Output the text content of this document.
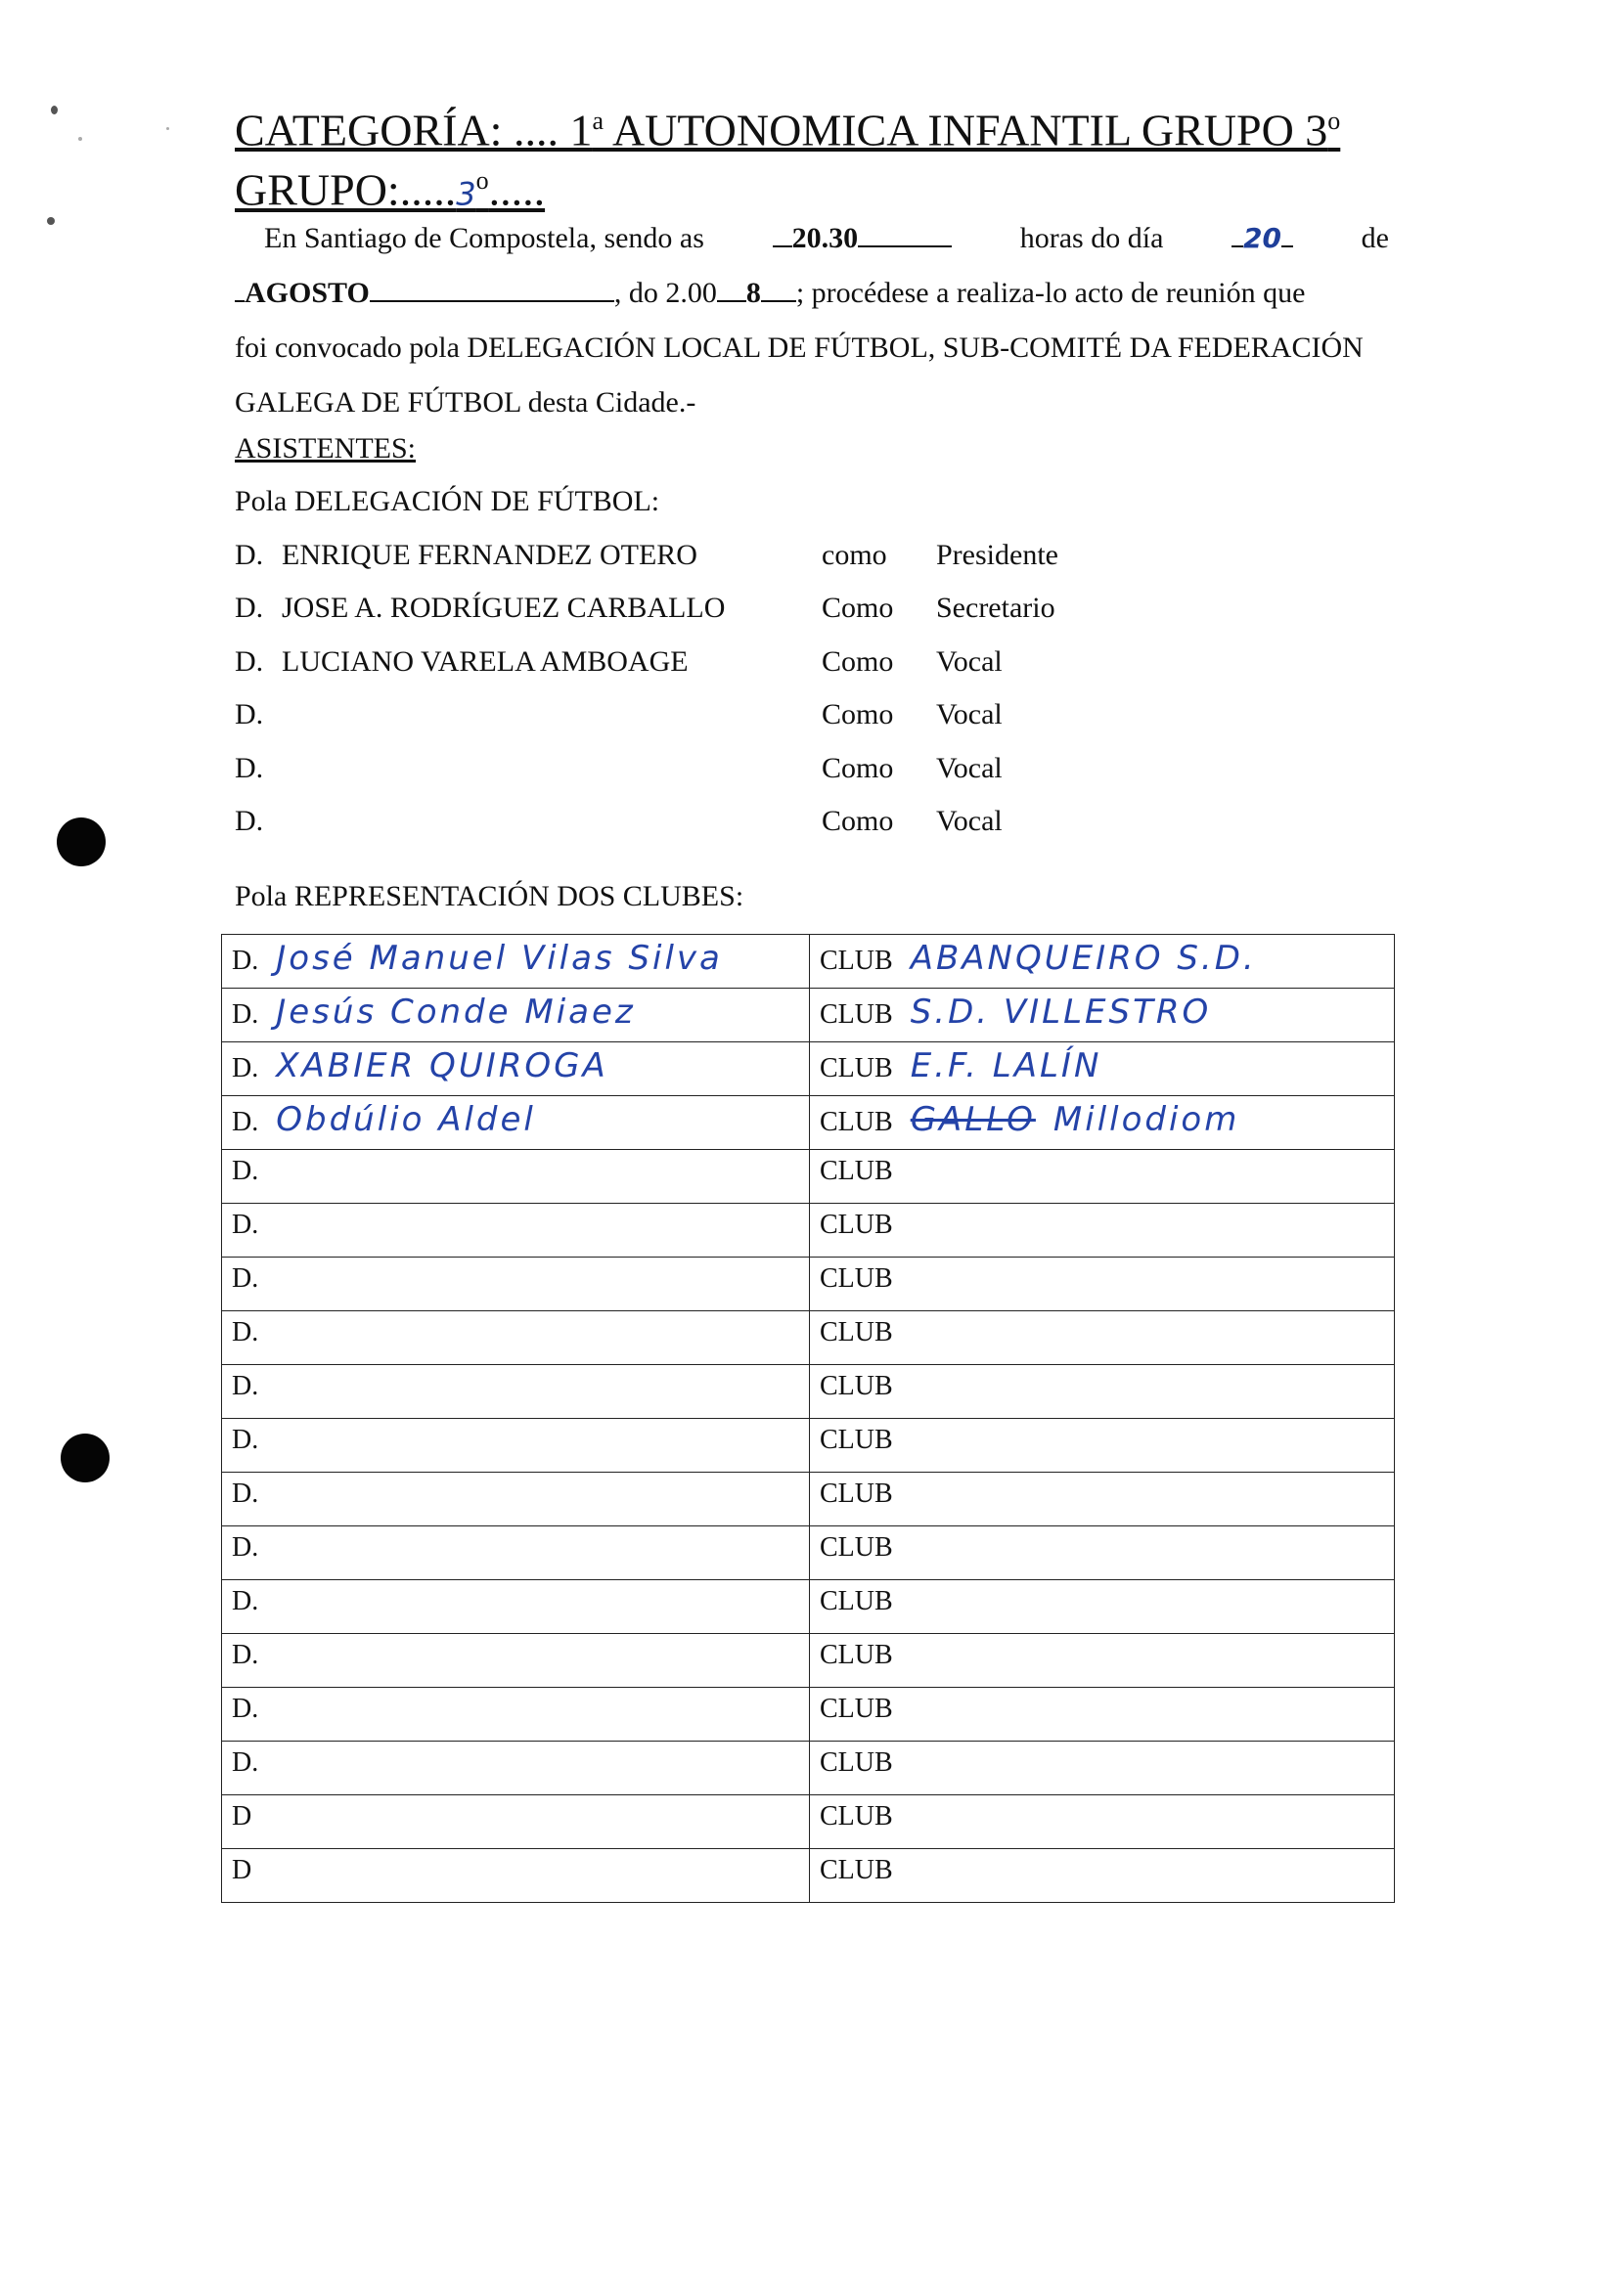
CATEGORÍA: .... 1$^a$ AUTONOMICA INFANTIL GRUPO 3$^o$
GRUPO:.....3$^o$.....
En Santiago de Compostela, sendo as	20.30	horas do día	20	de
AGOSTO	, do 2.00 8 ; procédese a realiza-lo acto de reunión que
foi convocado pola DELEGACIÓN LOCAL DE FÚTBOL, SUB-COMITÉ DA FEDERACIÓN
GALEGA DE FÚTBOL desta Cidade.-
ASISTENTES:
Pola DELEGACIÓN DE FÚTBOL:
D. ENRIQUE FERNANDEZ OTERO	como Presidente
D. JOSE A. RODRÍGUEZ CARBALLO	Como Secretario
D. LUCIANO VARELA AMBOAGE	Como Vocal
D.	Como Vocal
D.	Como Vocal
D.	Como Vocal
Pola REPRESENTACIÓN DOS CLUBES:
D. José Manuel Vilas Silva	CLUB ABANQUEIRO S.D.
D. Jesús Conde Miaez	CLUB S.D. VILLESTRO
D. XABIER QUIROGA	CLUB E.F. LALÍN
D. Obdúlio Aldel	CLUB GALLO Millodiom
D.	CLUB
D.	CLUB
D.	CLUB
D.	CLUB
D.	CLUB
D.	CLUB
D.	CLUB
D.	CLUB
D.	CLUB
D.	CLUB
D.	CLUB
D.	CLUB
D	CLUB
D	CLUB
